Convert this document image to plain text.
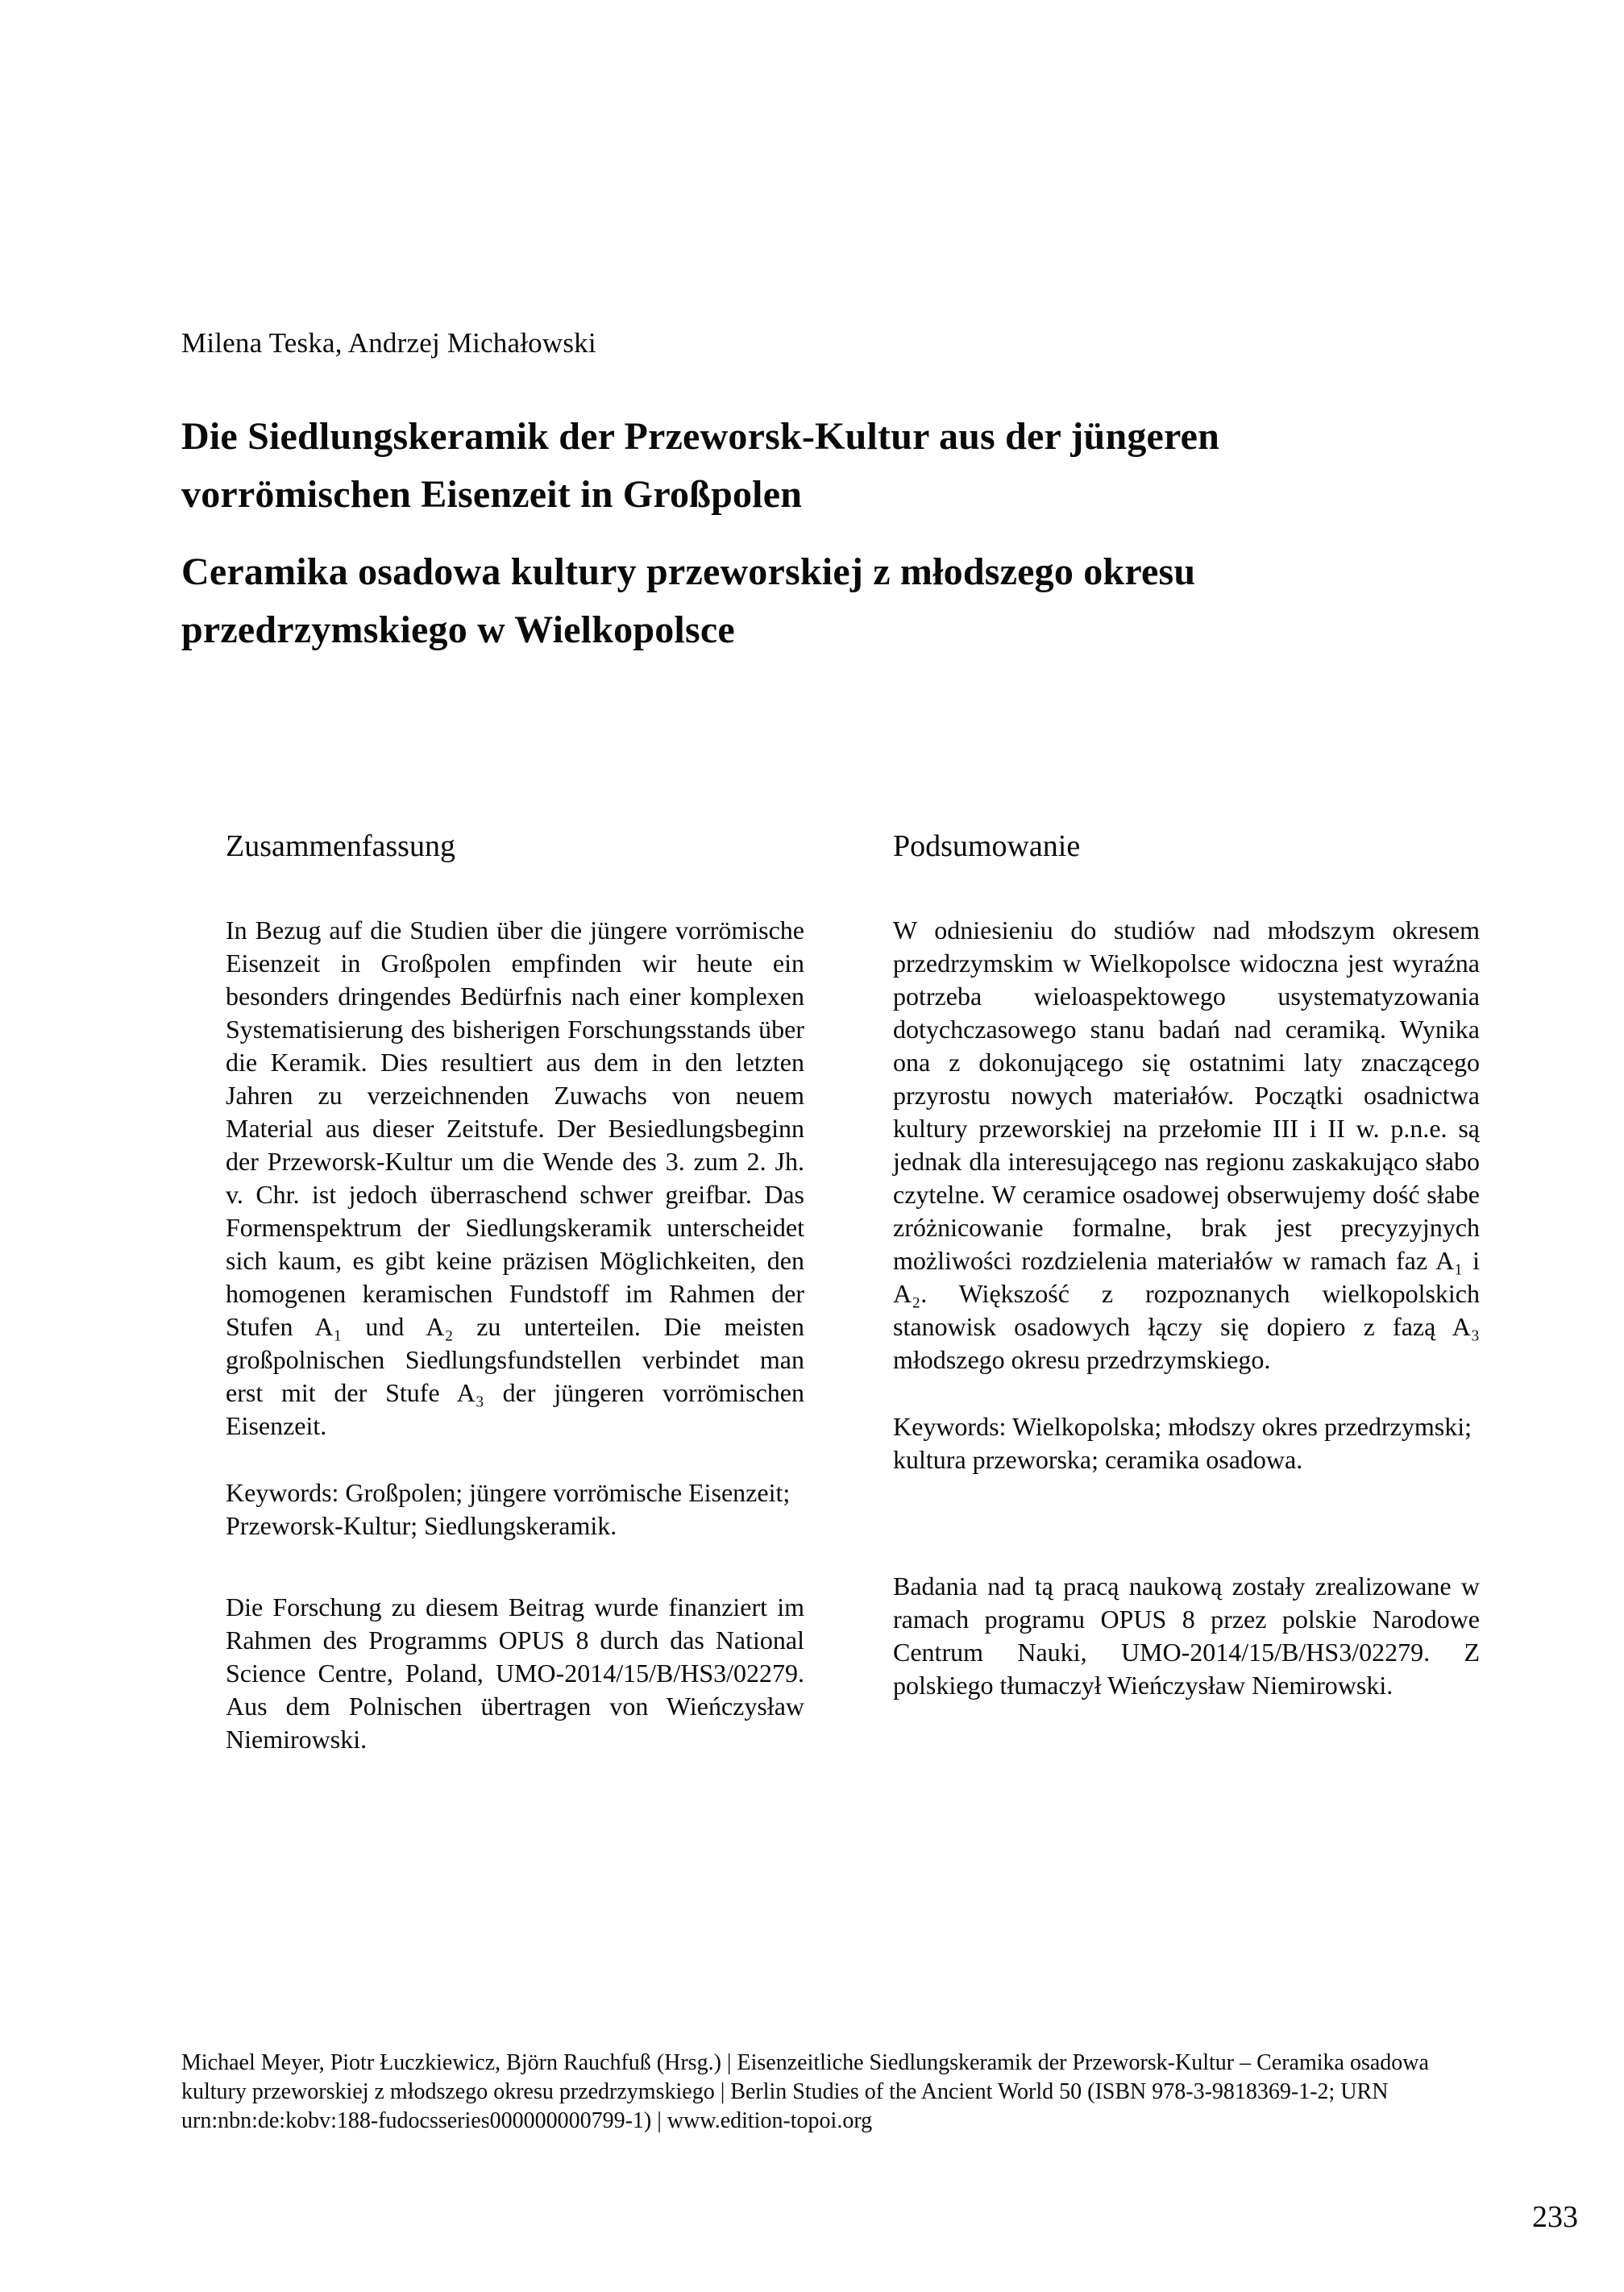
Milena Teska, Andrzej Michałowski
Die Siedlungskeramik der Przeworsk-Kultur aus der jüngeren vorrömischen Eisenzeit in Großpolen
Ceramika osadowa kultury przeworskiej z młodszego okresu przedrzymskiego w Wielkopolsce
Zusammenfassung

In Bezug auf die Studien über die jüngere vorrömische Eisenzeit in Großpolen empfinden wir heute ein besonders dringendes Bedürfnis nach einer komplexen Systematisierung des bisherigen Forschungsstands über die Keramik. Dies resultiert aus dem in den letzten Jahren zu verzeichnenden Zuwachs von neuem Material aus dieser Zeitstufe. Der Besiedlungsbeginn der Przeworsk-Kultur um die Wende des 3. zum 2. Jh. v. Chr. ist jedoch überraschend schwer greifbar. Das Formenspektrum der Siedlungskeramik unterscheidet sich kaum, es gibt keine präzisen Möglichkeiten, den homogenen keramischen Fundstoff im Rahmen der Stufen A₁ und A₂ zu unterteilen. Die meisten großpolnischen Siedlungsfundstellen verbindet man erst mit der Stufe A₃ der jüngeren vorrömischen Eisenzeit.

Keywords: Großpolen; jüngere vorrömische Eisenzeit; Przeworsk-Kultur; Siedlungskeramik.

Die Forschung zu diesem Beitrag wurde finanziert im Rahmen des Programms OPUS 8 durch das National Science Centre, Poland, UMO-2014/15/B/HS3/02279. Aus dem Polnischen übertragen von Wieńczysław Niemirowski.

Podsumowanie

W odniesieniu do studiów nad młodszym okresem przedrzymskim w Wielkopolsce widoczna jest wyraźna potrzeba wieloaspektowego usystematyzowania dotychczasowego stanu badań nad ceramiką. Wynika ona z dokonującego się ostatnimi laty znaczącego przyrostu nowych materiałów. Początki osadnictwa kultury przeworskiej na przełomie III i II w. p.n.e. są jednak dla interesującego nas regionu zaskakująco słabo czytelne. W ceramice osadowej obserwujemy dość słabe zróżnicowanie formalne, brak jest precyzyjnych możliwości rozdzielenia materiałów w ramach faz A₁ i A₂. Większość z rozpoznanych wielkopolskich stanowisk osadowych łączy się dopiero z fazą A₃ młodszego okresu przedrzymskiego.

Keywords: Wielkopolska; młodszy okres przedrzymski; kultura przeworska; ceramika osadowa.

Badania nad tą pracą naukową zostały zrealizowane w ramach programu OPUS 8 przez polskie Narodowe Centrum Nauki, UMO-2014/15/B/HS3/02279. Z polskiego tłumaczył Wieńczysław Niemirowski.

Michael Meyer, Piotr Łuczkiewicz, Björn Rauchfuß (Hrsg.) | Eisenzeitliche Siedlungskeramik der Przeworsk-Kultur – Ceramika osadowa kultury przeworskiej z młodszego okresu przedrzymskiego | Berlin Studies of the Ancient World 50 (ISBN 978-3-9818369-1-2; URN urn:nbn:de:kobv:188-fudocsseries000000000799-1) | www.edition-topoi.org
233
